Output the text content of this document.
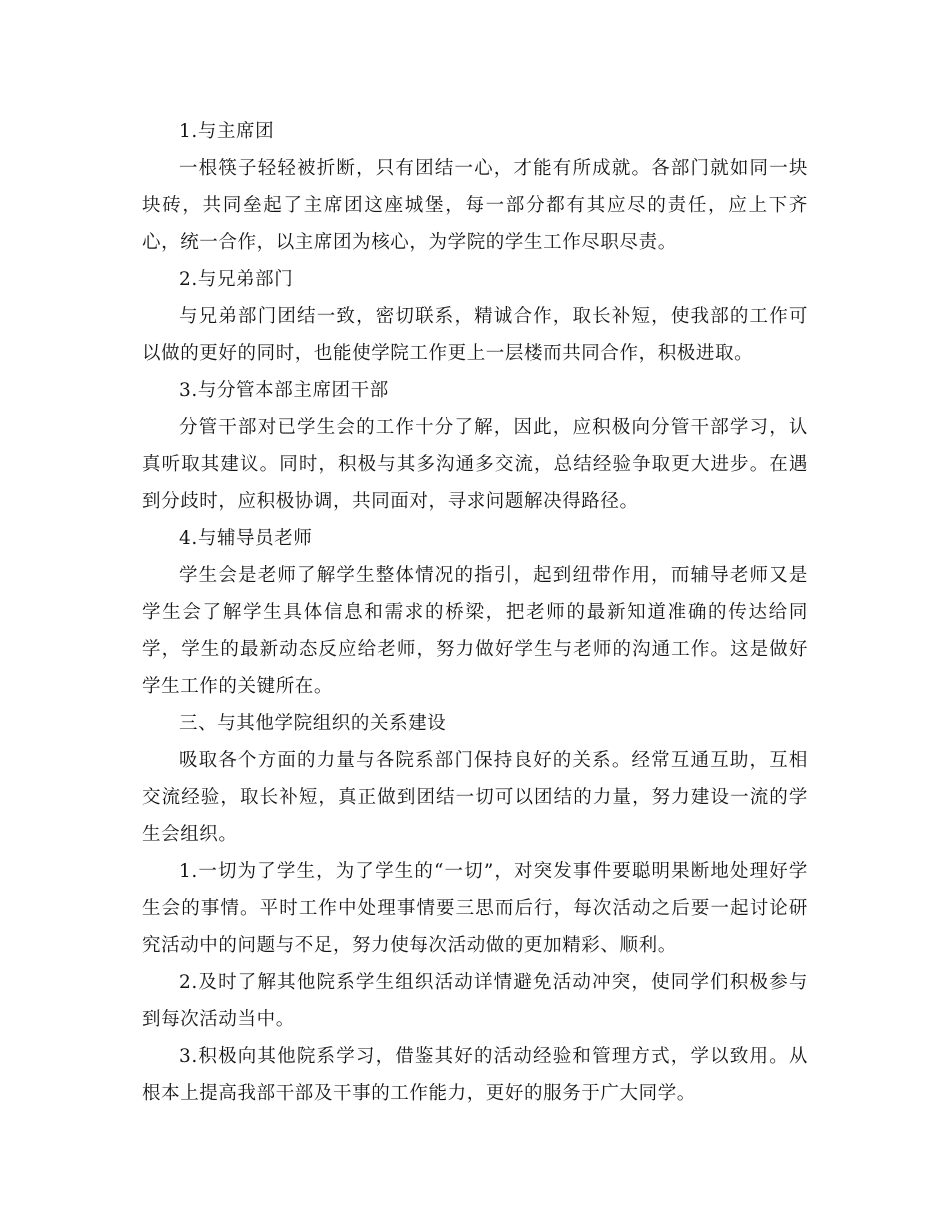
1.与主席团

一根筷子轻轻被折断，只有团结一心，才能有所成就。各部门就如同一块块砖，共同垒起了主席团这座城堡，每一部分都有其应尽的责任，应上下齐心，统一合作，以主席团为核心，为学院的学生工作尽职尽责。

2.与兄弟部门

与兄弟部门团结一致，密切联系，精诚合作，取长补短，使我部的工作可以做的更好的同时，也能使学院工作更上一层楼而共同合作，积极进取。

3.与分管本部主席团干部

分管干部对已学生会的工作十分了解，因此，应积极向分管干部学习，认真听取其建议。同时，积极与其多沟通多交流，总结经验争取更大进步。在遇到分歧时，应积极协调，共同面对，寻求问题解决得路径。

4.与辅导员老师

学生会是老师了解学生整体情况的指引，起到纽带作用，而辅导老师又是学生会了解学生具体信息和需求的桥梁，把老师的最新知道准确的传达给同学，学生的最新动态反应给老师，努力做好学生与老师的沟通工作。这是做好学生工作的关键所在。

三、与其他学院组织的关系建设

吸取各个方面的力量与各院系部门保持良好的关系。经常互通互助，互相交流经验，取长补短，真正做到团结一切可以团结的力量，努力建设一流的学生会组织。

1.一切为了学生，为了学生的“一切”，对突发事件要聪明果断地处理好学生会的事情。平时工作中处理事情要三思而后行，每次活动之后要一起讨论研究活动中的问题与不足，努力使每次活动做的更加精彩、顺利。

2.及时了解其他院系学生组织活动详情避免活动冲突，使同学们积极参与到每次活动当中。

3.积极向其他院系学习，借鉴其好的活动经验和管理方式，学以致用。从根本上提高我部干部及干事的工作能力，更好的服务于广大同学。
